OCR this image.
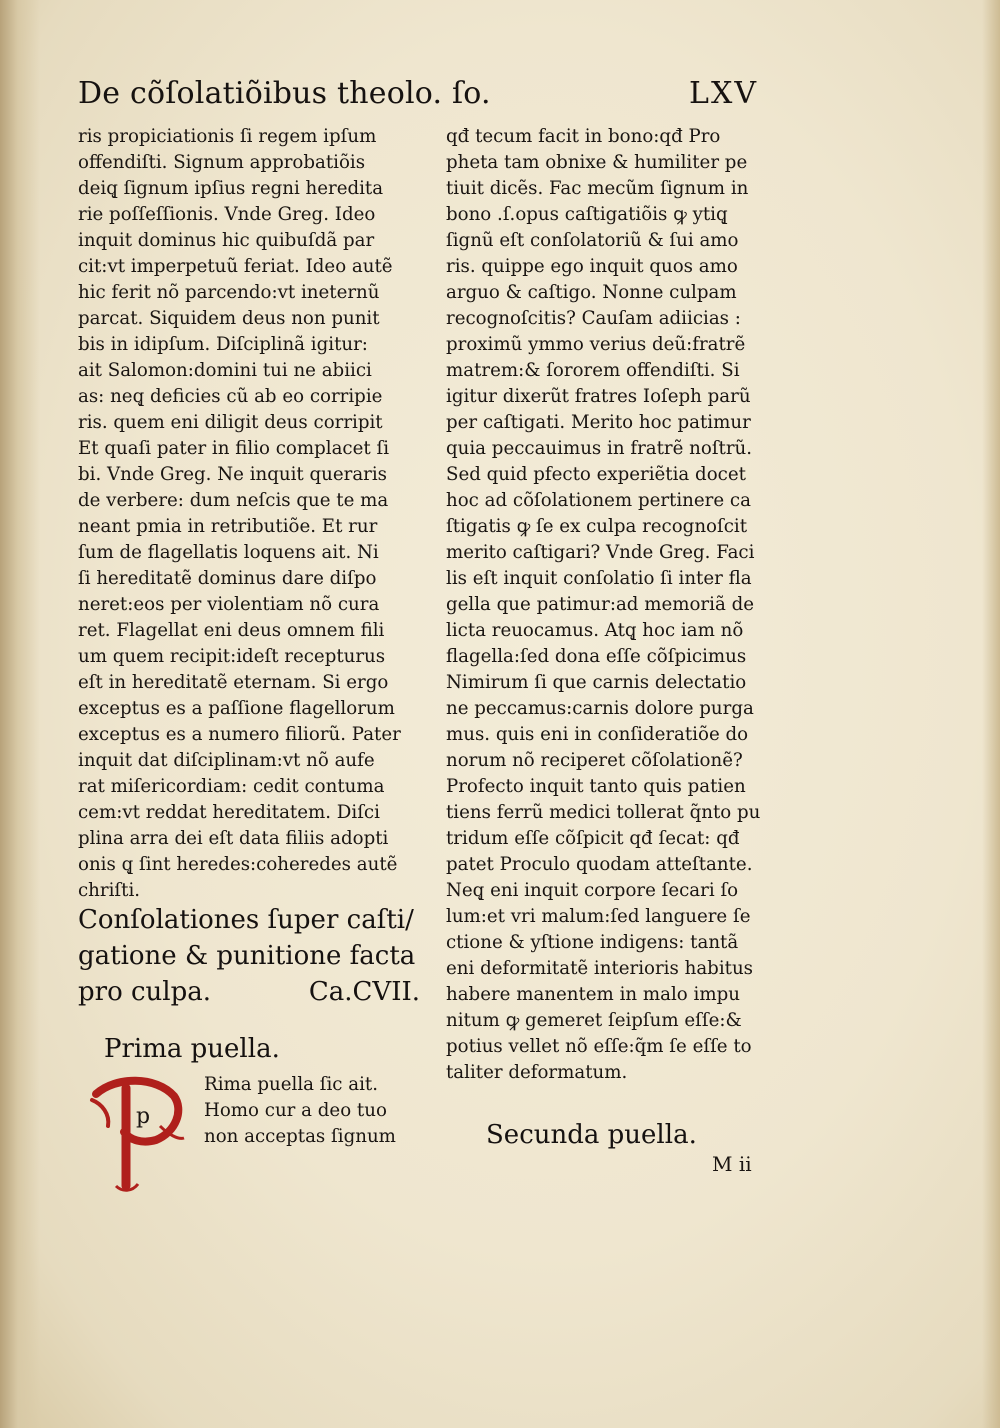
De cõſolatiõibus theolo. ſo.	LXV
ris propiciationis ſi regem ipſum
offendiſti. Signum approbatiõis
deiq̨ ſignum ipſius regni heredita
rie poſſeſſionis. Vnde Greg. Ideo
inquit dominus hic quibuſdã par
cit:vt imperpetuũ feriat. Ideo autẽ
hic ferit nõ parcendo:vt ineternũ
parcat. Siquidem deus non punit
bis in idipſum. Diſciplinã igitur:
ait Salomon:domini tui ne abiici
as: neq̨ deficies cũ ab eo corripie
ris. quem eni diligit deus corripit
Et quaſi pater in filio complacet ſi
bi. Vnde Greg. Ne inquit queraris
de verbere: dum neſcis que te ma
neant pmia in retributiõe. Et rur
ſum de flagellatis loquens ait. Ni
ſi hereditatẽ dominus dare diſpo
neret:eos per violentiam nõ cura
ret. Flagellat eni deus omnem fili
um quem recipit:ideſt recepturus
eſt in hereditatẽ eternam. Si ergo
exceptus es a paſſione flagellorum
exceptus es a numero filiorũ. Pater
inquit dat diſciplinam:vt nõ aufe
rat miſericordiam: cedit contuma
cem:vt reddat hereditatem. Diſci
plina arra dei eſt data filiis adopti
onis q̨ ſint heredes:coheredes autẽ
chriſti.
Conſolationes ſuper caſti/
gatione & punitione facta
pro culpa.	Ca.CVII.
Prima puella.
p
Rima puella ſic ait.
Homo cur a deo tuo
non acceptas ſignum
qđ tecum facit in bono:qđ Pro
pheta tam obnixe & humiliter pe
tiuit dicẽs. Fac mecũm ſignum in
bono .ſ.opus caſtigatiõis ꝙ ytiq̨
ſignũ eſt conſolatoriũ & ſui amo
ris. quippe ego inquit quos amo
arguo & caſtigo. Nonne culpam
recognoſcitis? Cauſam adiicias :
proximũ ymmo verius deũ:fratrẽ
matrem:& ſororem offendiſti. Si
igitur dixerũt fratres Ioſeph parũ
per caſtigati. Merito hoc patimur
quia peccauimus in fratrẽ noſtrũ.
Sed quid pfecto experiẽtia docet
hoc ad cõſolationem pertinere ca
ſtigatis ꝙ ſe ex culpa recognoſcit
merito caſtigari? Vnde Greg. Faci
lis eſt inquit conſolatio ſi inter fla
gella que patimur:ad memoriã de
licta reuocamus. Atq̨ hoc iam nõ
flagella:ſed dona eſſe cõſpicimus
Nimirum ſi que carnis delectatio
ne peccamus:carnis dolore purga
mus. quis eni in conſideratiõe do
norum nõ reciperet cõſolationẽ?
Profecto inquit tanto quis patien
tiens ferrũ medici tollerat q̃nto pu
tridum eſſe cõſpicit qđ ſecat: qđ
patet Proculo quodam atteſtante.
Neq̨ eni inquit corpore ſecari ſo
lum:et vri malum:ſed languere ſe
ctione & yſtione indigens: tantã
eni deformitatẽ interioris habitus
habere manentem in malo impu
nitum ꝙ gemeret ſeipſum eſſe:&
potius vellet nõ eſſe:q̃m ſe eſſe to
taliter deformatum.
Secunda puella.
M ii
